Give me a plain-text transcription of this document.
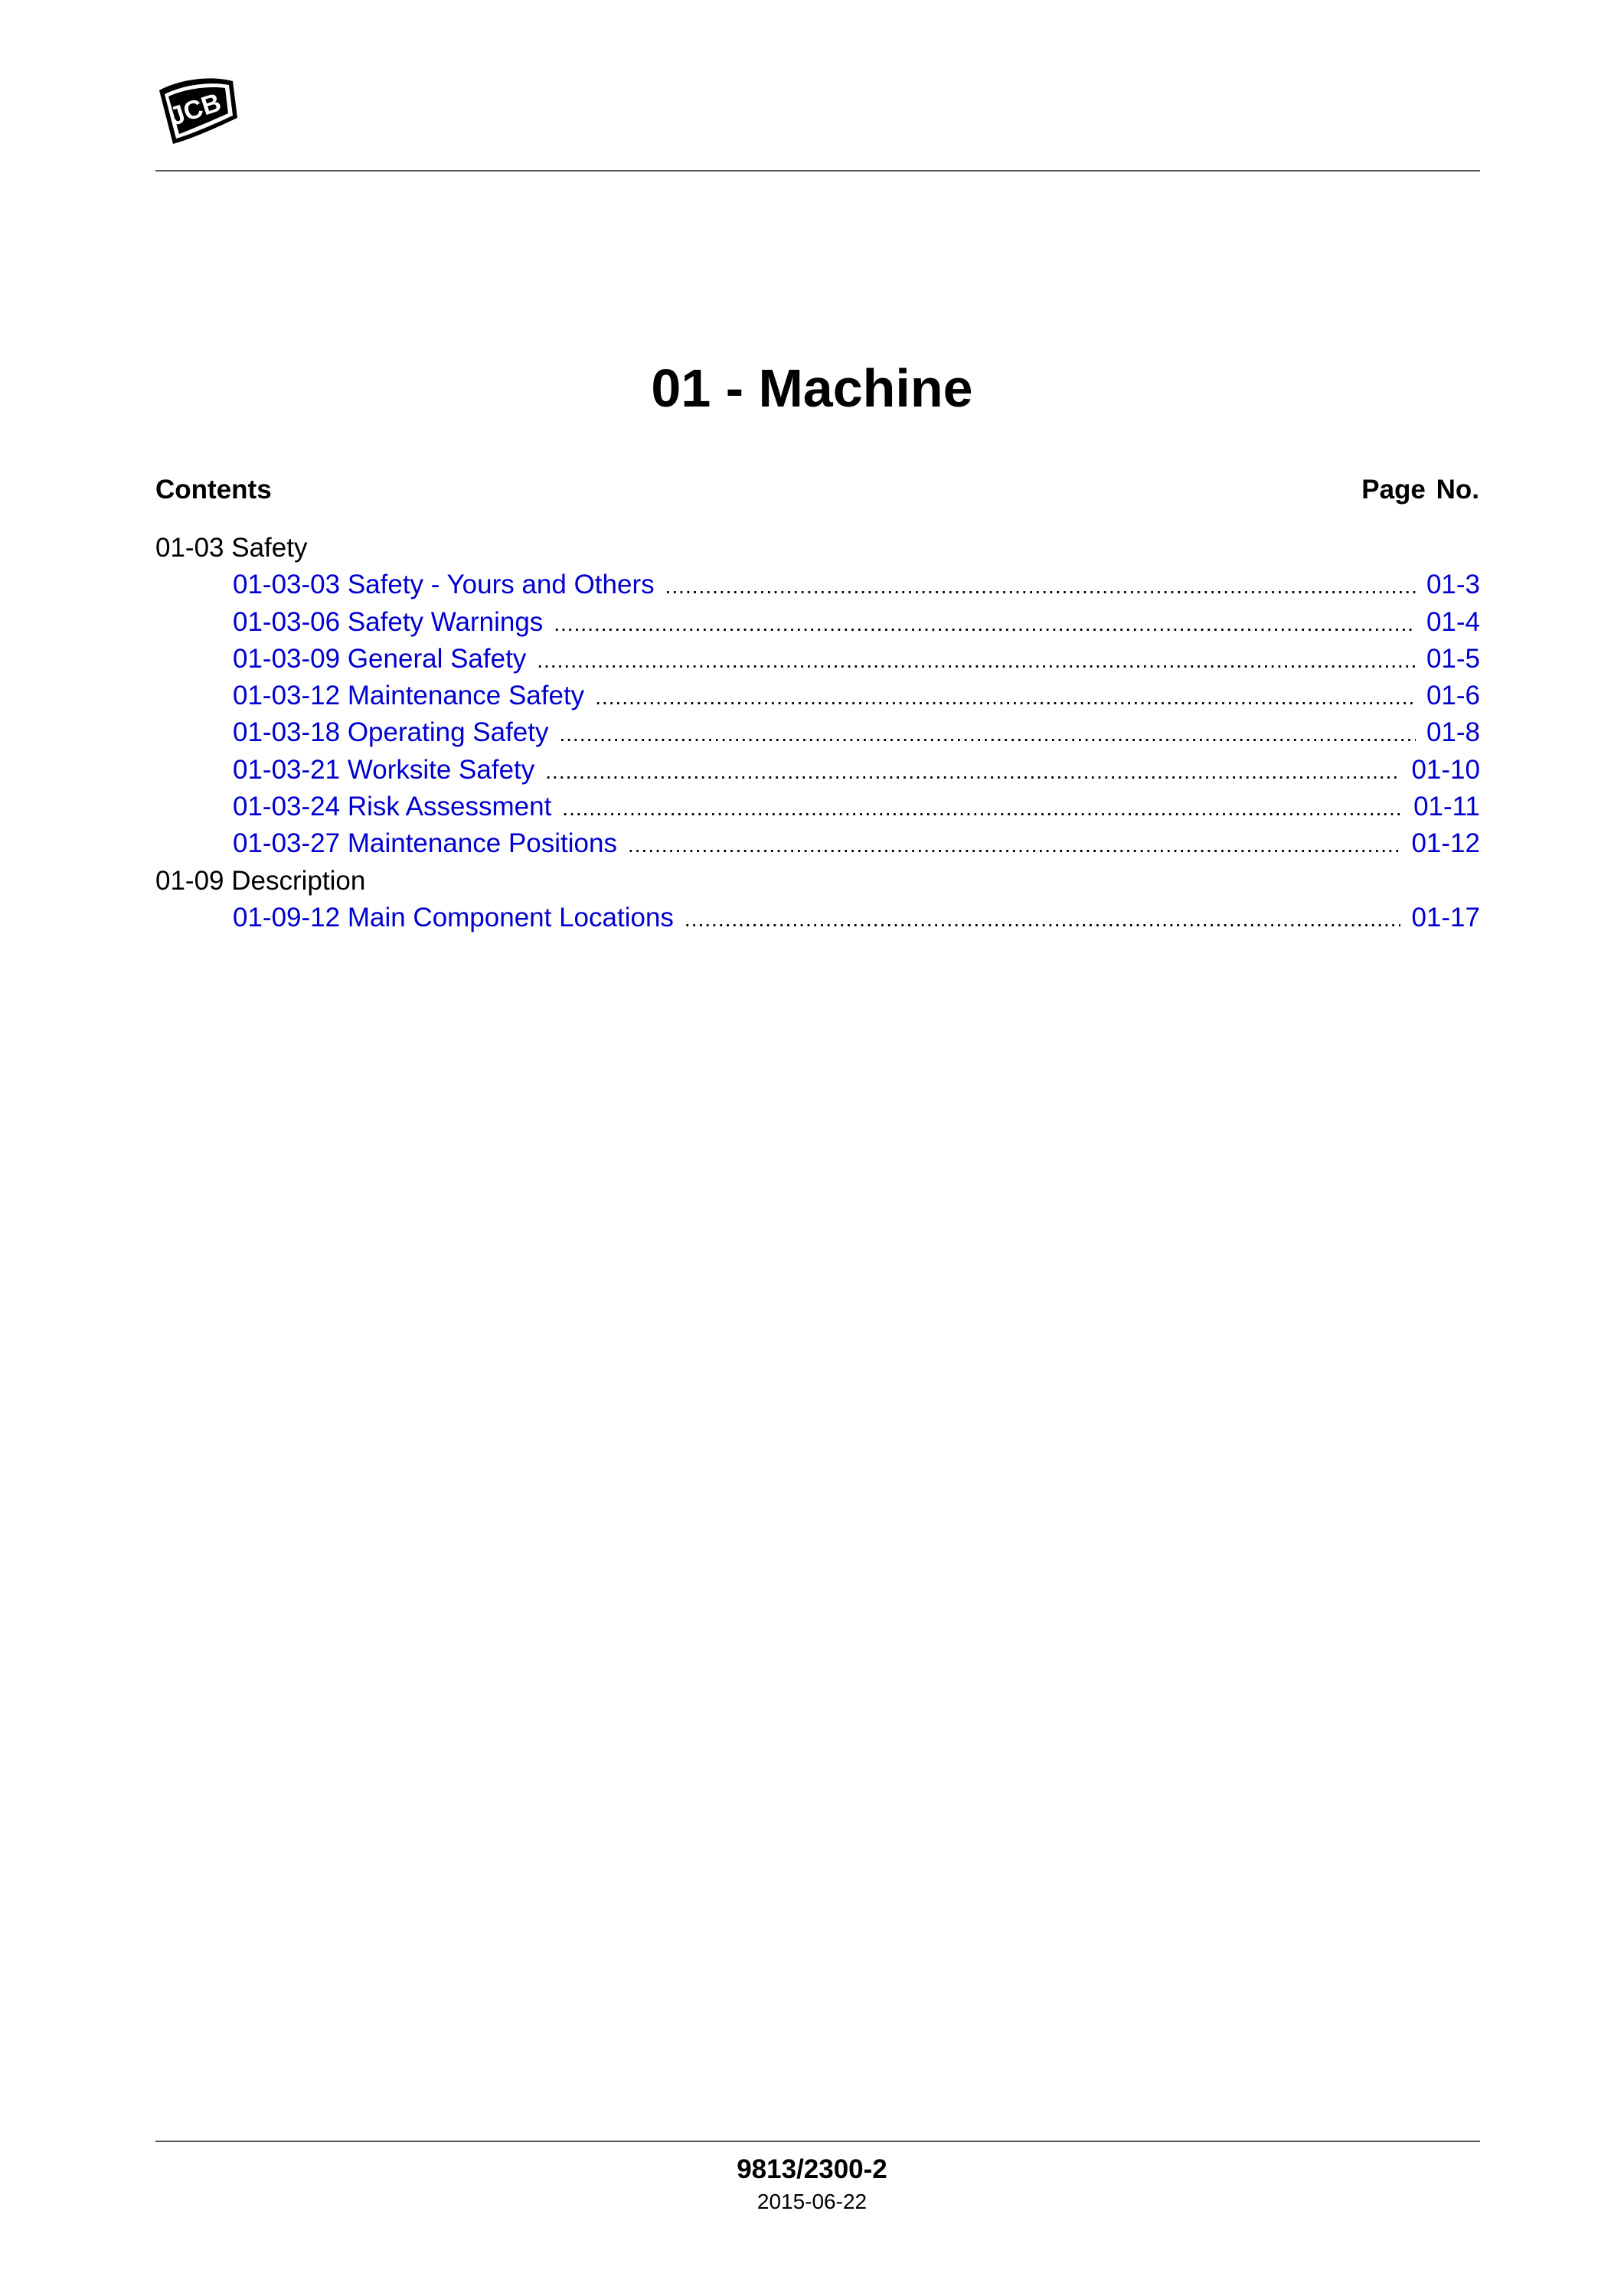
JCB
01 - Machine
Contents	Page No.
01-03 Safety
01-03-03 Safety - Yours and Others .....	01-3
01-03-06 Safety Warnings .....	01-4
01-03-09 General Safety .....	01-5
01-03-12 Maintenance Safety .....	01-6
01-03-18 Operating Safety .....	01-8
01-03-21 Worksite Safety .....	01-10
01-03-24 Risk Assessment .....	01-11
01-03-27 Maintenance Positions .....	01-12
01-09 Description
01-09-12 Main Component Locations .....	01-17
9813/2300-2
2015-06-22
